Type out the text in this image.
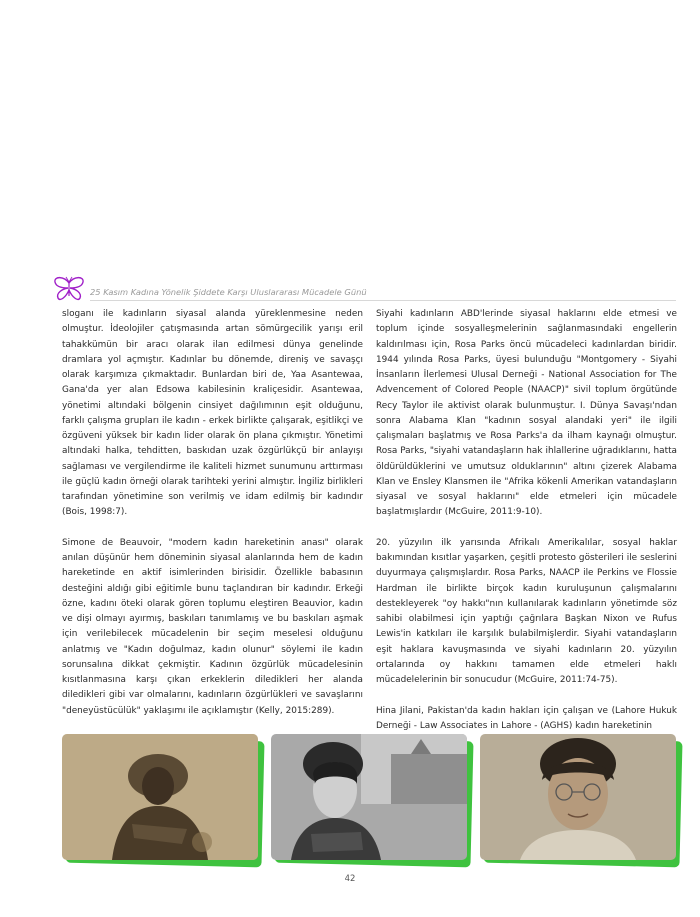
25 Kasım Kadına Yönelik Şiddete Karşı Uluslararası Mücadele Günü

sloganı ile kadınların siyasal alanda yüreklenmesine neden olmuştur. İdeolojiler çatışmasında artan sömürgecilik yarışı eril tahakkümün bir aracı olarak ilan edilmesi dünya genelinde dramlara yol açmıştır. Kadınlar bu dönemde, direniş ve savaşçı olarak karşımıza çıkmaktadır. Bunlardan biri de, Yaa Asantewaa, Gana'da yer alan Edsowa kabilesinin kraliçesidir. Asantewaa, yönetimi altındaki bölgenin cinsiyet dağılımının eşit olduğunu, farklı çalışma grupları ile kadın - erkek birlikte çalışarak, eşitlikçi ve özgüveni yüksek bir kadın lider olarak ön plana çıkmıştır. Yönetimi altındaki halka, tehditten, baskıdan uzak özgürlükçü bir anlayışı sağlaması ve vergilendirme ile kaliteli hizmet sunumunu arttırması ile güçlü kadın örneği olarak tarihteki yerini almıştır. İngiliz birlikleri tarafından yönetimine son verilmiş ve idam edilmiş bir kadındır (Bois, 1998:7).

Simone de Beauvoir, "modern kadın hareketinin anası" olarak anılan düşünür hem döneminin siyasal alanlarında hem de kadın hareketinde en aktif isimlerinden birisidir. Özellikle babasının desteğini aldığı gibi eğitimle bunu taçlandıran bir kadındır. Erkeği özne, kadını öteki olarak gören toplumu eleştiren Beauvior, kadın ve dişi olmayı ayırmış, baskıları tanımlamış ve bu baskıları aşmak için verilebilecek mücadelenin bir seçim meselesi olduğunu anlatmış ve "Kadın doğulmaz, kadın olunur" söylemi ile kadın sorunsalına dikkat çekmiştir. Kadının özgürlük mücadelesinin kısıtlanmasına karşı çıkan erkeklerin diledikleri her alanda diledikleri gibi var olmalarını, kadınların özgürlükleri ve savaşlarını "deneyüstücülük" yaklaşımı ile açıklamıştır (Kelly, 2015:289).

Siyahi kadınların ABD'lerinde siyasal haklarını elde etmesi ve toplum içinde sosyalleşmelerinin sağlanmasındaki engellerin kaldırılması için, Rosa Parks öncü mücadeleci kadınlardan biridir. 1944 yılında Rosa Parks, üyesi bulunduğu "Montgomery - Siyahi İnsanların İlerlemesi Ulusal Derneği - National Association for The Advencement of Colored People (NAACP)" sivil toplum örgütünde Recy Taylor ile aktivist olarak bulunmuştur. I. Dünya Savaşı'ndan sonra Alabama Klan "kadının sosyal alandaki yeri" ile ilgili çalışmaları başlatmış ve Rosa Parks'a da ilham kaynağı olmuştur. Rosa Parks, "siyahi vatandaşların hak ihlallerine uğradıklarını, hatta öldürüldüklerini ve umutsuz olduklarının" altını çizerek Alabama Klan ve Ensley Klansmen ile "Afrika kökenli Amerikan vatandaşların siyasal ve sosyal haklarını" elde etmeleri için mücadele başlatmışlardır (McGuire, 2011:9-10).

20. yüzyılın ilk yarısında Afrikalı Amerikalılar, sosyal haklar bakımından kısıtlar yaşarken, çeşitli protesto gösterileri ile seslerini duyurmaya çalışmışlardır. Rosa Parks, NAACP ile Perkins ve Flossie Hardman ile birlikte birçok kadın kuruluşunun çalışmalarını destekleyerek "oy hakkı"nın kullanılarak kadınların yönetimde söz sahibi olabilmesi için yaptığı çağrılara Başkan Nixon ve Rufus Lewis'in katkıları ile karşılık bulabilmişlerdir. Siyahi vatandaşların eşit haklara kavuşmasında ve siyahi kadınların 20. yüzyılın ortalarında oy hakkını tamamen elde etmeleri haklı mücadelelerinin bir sonucudur (McGuire, 2011:74-75).

Hina Jilani, Pakistan'da kadın hakları için çalışan ve (Lahore Hukuk Derneği - Law Associates in Lahore - (AGHS) kadın hareketinin

42
